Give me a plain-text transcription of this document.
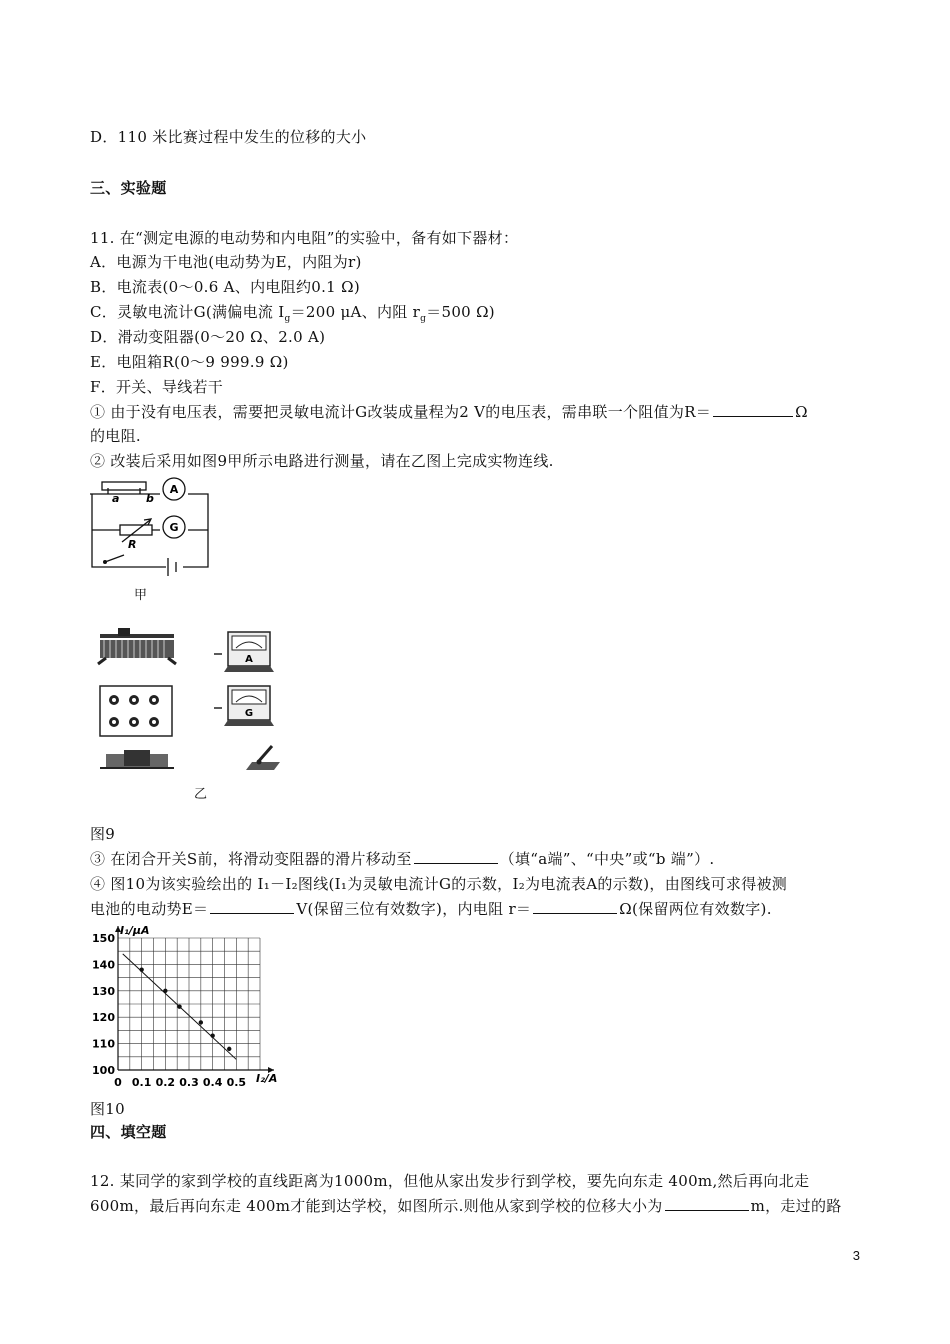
D．110 米比赛过程中发生的位移的大小
三、实验题
11. 在“测定电源的电动势和内电阻”的实验中，备有如下器材：
A．电源为干电池(电动势为E，内阻为r)
B．电流表(0～0.6 A、内电阻约0.1 Ω)
C．灵敏电流计G(满偏电流 $I_g=200$ μA、内阻 $r_g=500$ Ω)
D．滑动变阻器(0～20 Ω、2.0 A)
E．电阻箱R(0～9 999.9 Ω)
F．开关、导线若干
① 由于没有电压表，需要把灵敏电流计G改装成量程为2 V的电压表，需串联一个阻值为R＝	Ω
的电阻.
② 改装后采用如图9甲所示电路进行测量，请在乙图上完成实物连线.
a b
A
G
R
甲
A
G
乙
图9
③ 在闭合开关S前，将滑动变阻器的滑片移动至	（填“a端”、“中央”或“b 端”）.
④ 图10为该实验绘出的 I₁－I₂图线(I₁为灵敏电流计G的示数，I₂为电流表A的示数)，由图线可求得被测
电池的电动势E＝	V(保留三位有效数字)，内电阻 r＝	Ω(保留两位有效数字).
0 0.1 0.2 0.3 0.4 0.5
100
110
120
130
140
150
I₁/μA
I₂/A
图10
四、填空题
12. 某同学的家到学校的直线距离为1000m，但他从家出发步行到学校，要先向东走 400m,然后再向北走
600m，最后再向东走 400m才能到达学校，如图所示.则他从家到学校的位移大小为	m，走过的路
3
